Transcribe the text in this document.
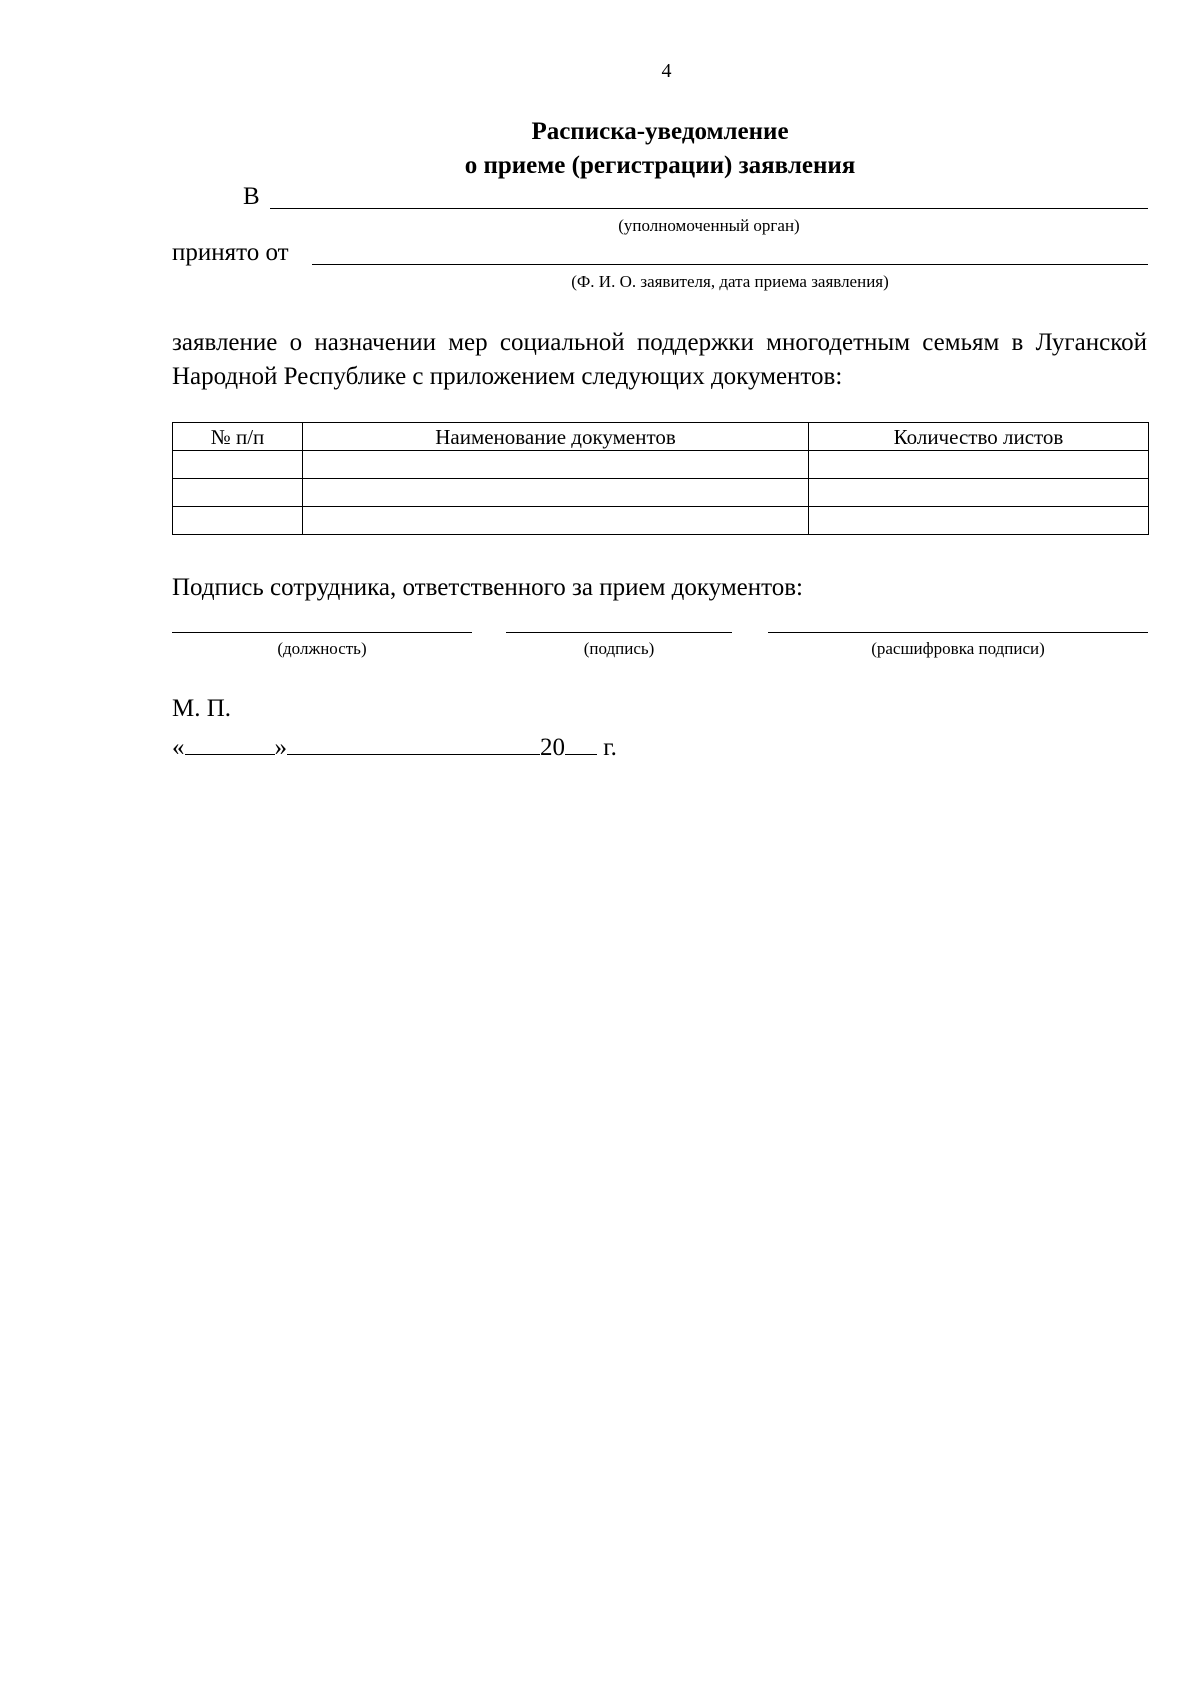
4
Расписка-уведомление
о приеме (регистрации) заявления
В
(уполномоченный орган)
принято от
(Ф. И. О. заявителя, дата приема заявления)
заявление о назначении мер социальной поддержки многодетным семьям в Луганской Народной Республике с приложением следующих документов:
№ п/п	Наименование документов	Количество листов

Подпись сотрудника, ответственного за прием документов:
(должность)	(подпись)	(расшифровка подписи)
М. П.
«	»	20 г.
